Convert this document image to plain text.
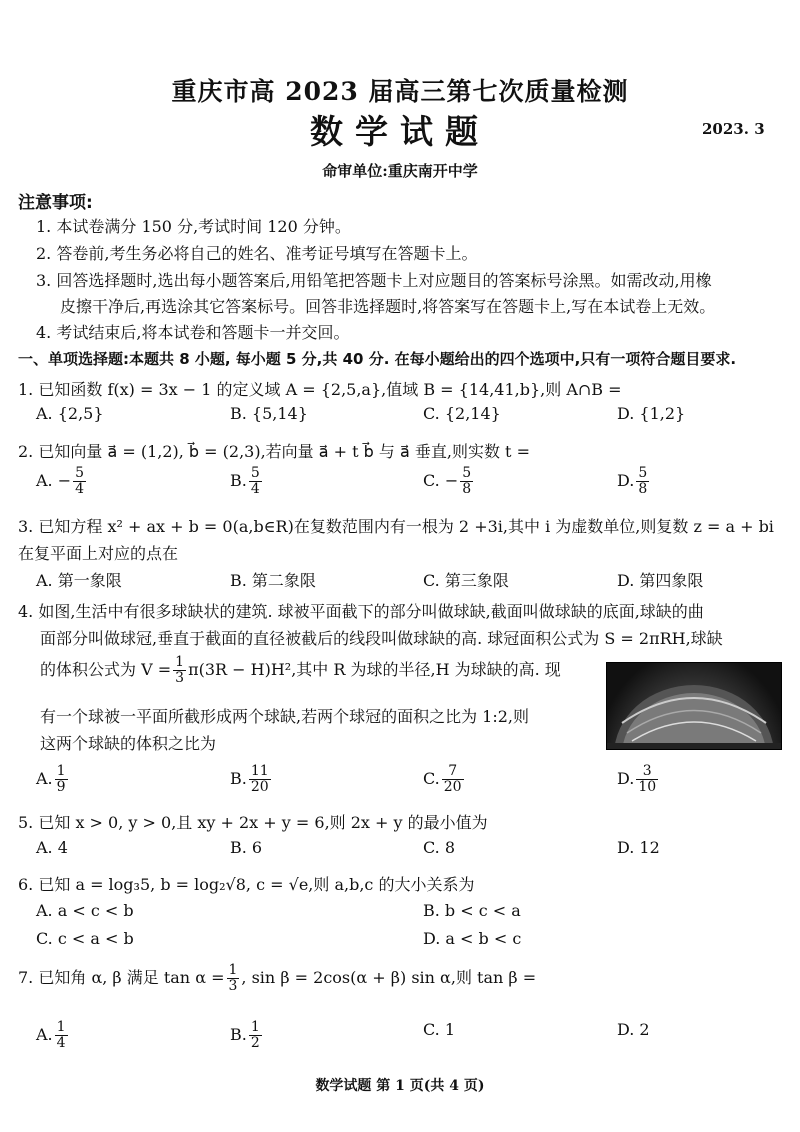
重庆市高 2023 届高三第七次质量检测
数学试题	2023. 3
命审单位:重庆南开中学
注意事项:
1. 本试卷满分 150 分,考试时间 120 分钟。
2. 答卷前,考生务必将自己的姓名、准考证号填写在答题卡上。
3. 回答选择题时,选出每小题答案后,用铅笔把答题卡上对应题目的答案标号涂黑。如需改动,用橡
皮擦干净后,再选涂其它答案标号。回答非选择题时,将答案写在答题卡上,写在本试卷上无效。
4. 考试结束后,将本试卷和答题卡一并交回。
一、单项选择题:本题共 8 小题, 每小题 5 分,共 40 分. 在每小题给出的四个选项中,只有一项符合题目要求.
1. 已知函数 f(x) = 3x − 1 的定义域 A = {2,5,a},值域 B = {14,41,b},则 A∩B =
A. {2,5}	B. {5,14}	C. {2,14}	D. {1,2}
2. 已知向量 a⃗ = (1,2), b⃗ = (2,3),若向量 a⃗ + t b⃗ 与 a⃗ 垂直,则实数 t =
A. − $\frac{5}{4}$	B. $\frac{5}{4}$	C. − $\frac{5}{8}$	D. $\frac{5}{8}$
3. 已知方程 x² + ax + b = 0(a,b∈R)在复数范围内有一根为 2 +3i,其中 i 为虚数单位,则复数 z = a + bi
在复平面上对应的点在
A. 第一象限	B. 第二象限	C. 第三象限	D. 第四象限
4. 如图,生活中有很多球缺状的建筑. 球被平面截下的部分叫做球缺,截面叫做球缺的底面,球缺的曲
面部分叫做球冠,垂直于截面的直径被截后的线段叫做球缺的高. 球冠面积公式为 S = 2πRH,球缺
的体积公式为 $V = \frac{1}{3} \pi(3R - H)H^2$,其中 R 为球的半径,H 为球缺的高. 现
有一个球被一平面所截形成两个球缺,若两个球冠的面积之比为 1:2,则
这两个球缺的体积之比为
A. $\frac{1}{9}$	B. $\frac{11}{20}$	C. $\frac{7}{20}$	D. $\frac{3}{10}$
5. 已知 x > 0, y > 0,且 xy + 2x + y = 6,则 2x + y 的最小值为
A. 4	B. 6	C. 8	D. 12
6. 已知 a = log₃5, b = log₂√8, c = √e,则 a,b,c 的大小关系为
A. a < c < b	B. b < c < a
C. c < a < b	D. a < b < c
7. 已知角 α, β 满足 $\tan \alpha = \frac{1}{3}$ , sin β = 2cos(α + β) sin α,则 tan β =
A. $\frac{1}{4}$	B. $\frac{1}{2}$	C. 1	D. 2
数学试题 第 1 页(共 4 页)
